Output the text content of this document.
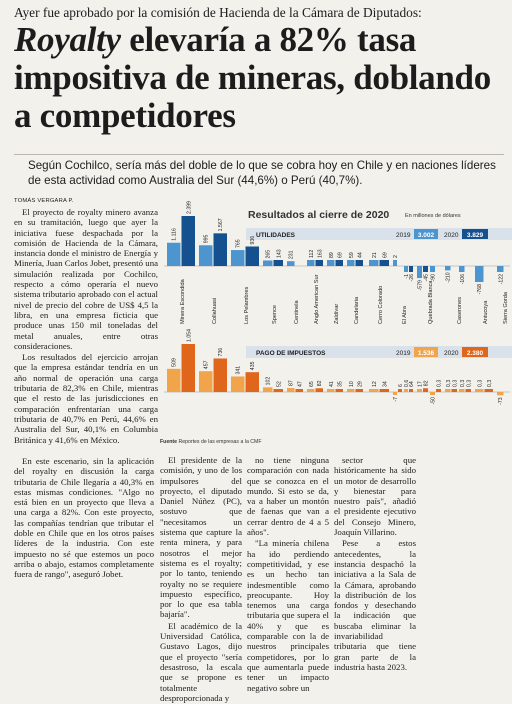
Ayer fue aprobado por la comisión de Hacienda de la Cámara de Diputados:
Royalty elevaría a 82% tasa impositiva de mineras, doblando a competidores

Según Cochilco, sería más del doble de lo que se cobra hoy en Chile y en naciones líderes de esta actividad como Australia del Sur (44,6%) o Perú (40,7%).

TOMÁS VERGARA P.

El proyecto de royalty minero avanza en su tramitación, luego que ayer la iniciativa fuese despachada por la comisión de Hacienda de la Cámara, instancia donde el ministro de Energía y Minería, Juan Carlos Jobet, presentó una simulación realizada por Cochilco, respecto a cómo operaría el nuevo sistema tributario aprobado con el actual nivel de precio del cobre de US$ 4,5 la libra, en una empresa ficticia que produce unas 150 mil toneladas del metal anuales, entre otras consideraciones.

Los resultados del ejercicio arrojan que la empresa estándar tendría en un año normal de operación una carga tributaria de 82,3% en Chile, mientras que el resto de las jurisdicciones en comparación enfrentarían una carga tributaria de 40,7% en Perú, 44,6% en Australia del Sur, 40,1% en Columbia Británica y 41,6% en México.

UTILIDADES	2019 3.002 2020 3.829
1.116
2.399
995
1.567
765 936
265 143 231	112 163 89 69 59 44 21 69 2
-1 -26
-579
-45 -90 -210 -106
-768
-122
PAGO DE IMPUESTOS	2019 1.536 2020 2.380
509
1.054
457
736
341 435
102 52 87 47 65 82 41 35 10 29 12 34
-7
6 0,6 64 17 82
-50
0,3 0,3 0,3 0,3 0,3 0,3 0,3
-73
Minera Escondida	Collahuasi	Los Pelambres	Spence	Centinela	Anglo American Sur	Zaldívar	Candelaria	Cerro Colorado	El Abra	Quebrada Blanca	Caserones	Antucoya	Sierra Gorda
Resultados al cierre de 2020	En millones de dólares
Fuente Reportes de las empresas a la CMF

En este escenario, sin la aplicación del royalty en discusión la carga tributaria de Chile llegaría a 40,3% en estas mismas condiciones. "Algo no está bien en un proyecto que lleva a una carga a 82%. Con este proyecto, las compañías tendrían que tributar el doble en Chile que en los otros países líderes de la industria. Con este impuesto no sé que estemos un poco arriba o abajo, estamos completamente fuera de rango", aseguró Jobet.

El presidente de la comisión, y uno de los impulsores del proyecto, el diputado Daniel Núñez (PC), sostuvo que "necesitamos un sistema que capture la renta minera, y para nosotros el mejor sistema es el royalty; por lo tanto, teniendo royalty no se requiere impuesto específico, por lo que esa tabla bajaría".

El académico de la Universidad Católica, Gustavo Lagos, dijo que el proyecto "sería desastroso, la escala que se propone es totalmente desproporcionada y

no tiene ninguna comparación con nada que se conozca en el mundo. Si esto se da, va a haber un montón de faenas que van a cerrar dentro de 4 a 5 años".

"La minería chilena ha ido perdiendo competitividad, y ese es un hecho tan indesmentible como preocupante. Hoy tenemos una carga tributaria que supera el 40% y que es comparable con la de nuestros principales competidores, por lo que aumentarla puede tener un impacto negativo sobre un

sector que históricamente ha sido un motor de desarrollo y bienestar para nuestro país", añadió el presidente ejecutivo del Consejo Minero, Joaquín Villarino.

Pese a estos antecedentes, la instancia despachó la iniciativa a la Sala de la Cámara, aprobando la distribución de los fondos y desechando la indicación que buscaba eliminar la invariabilidad tributaria que tiene gran parte de la industria hasta 2023.
